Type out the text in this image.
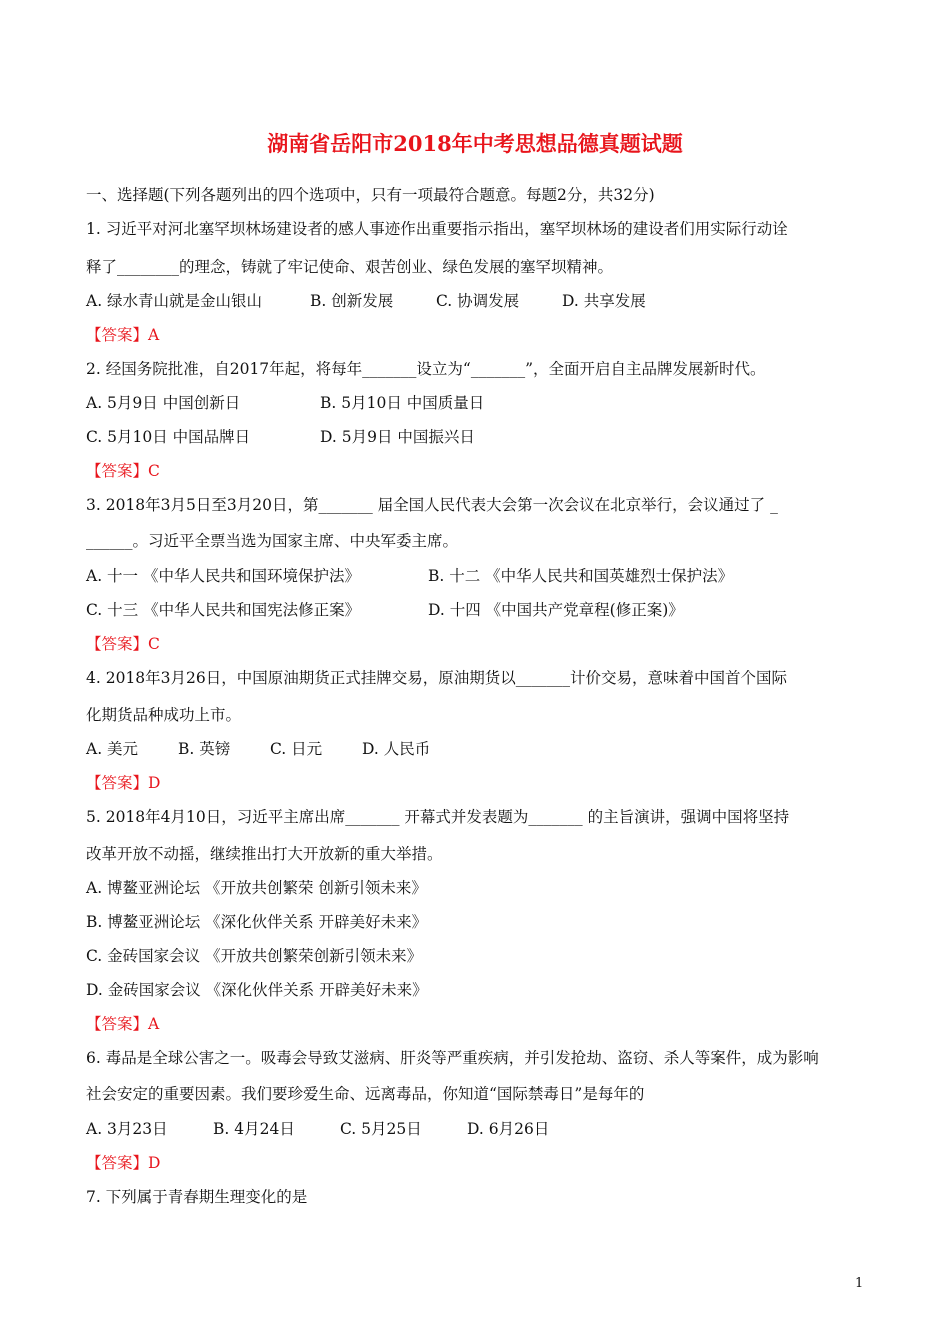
湖南省岳阳市2018年中考思想品德真题试题
一、选择题(下列各题列出的四个选项中，只有一项最符合题意。每题2分，共32分)
1. 习近平对河北塞罕坝林场建设者的感人事迹作出重要指示指出，塞罕坝林场的建设者们用实际行动诠
释了________的理念，铸就了牢记使命、艰苦创业、绿色发展的塞罕坝精神。
A. 绿水青山就是金山银山	B. 创新发展	C. 协调发展	D. 共享发展
【答案】A
2. 经国务院批准，自2017年起，将每年_______设立为“_______”，全面开启自主品牌发展新时代。
A. 5月9日 中国创新日	B. 5月10日 中国质量日
C. 5月10日 中国品牌日	D. 5月9日 中国振兴日
【答案】C
3. 2018年3月5日至3月20日，第_______ 届全国人民代表大会第一次会议在北京举行，会议通过了 _
______。习近平全票当选为国家主席、中央军委主席。
A. 十一 《中华人民共和国环境保护法》	B. 十二 《中华人民共和国英雄烈士保护法》
C. 十三 《中华人民共和国宪法修正案》	D. 十四 《中国共产党章程(修正案)》
【答案】C
4. 2018年3月26日，中国原油期货正式挂牌交易，原油期货以_______计价交易，意味着中国首个国际
化期货品种成功上市。
A. 美元	B. 英镑	C. 日元	D. 人民币
【答案】D
5. 2018年4月10日，习近平主席出席_______ 开幕式并发表题为_______ 的主旨演讲，强调中国将坚持
改革开放不动摇，继续推出打大开放新的重大举措。
A. 博鳌亚洲论坛 《开放共创繁荣 创新引领未来》
B. 博鳌亚洲论坛 《深化伙伴关系 开辟美好未来》
C. 金砖国家会议 《开放共创繁荣创新引领未来》
D. 金砖国家会议 《深化伙伴关系 开辟美好未来》
【答案】A
6. 毒品是全球公害之一。吸毒会导致艾滋病、肝炎等严重疾病，并引发抢劫、盗窃、杀人等案件，成为影响
社会安定的重要因素。我们要珍爱生命、远离毒品，你知道“国际禁毒日”是每年的
A. 3月23日	B. 4月24日	C. 5月25日	D. 6月26日
【答案】D
7. 下列属于青春期生理变化的是
1
